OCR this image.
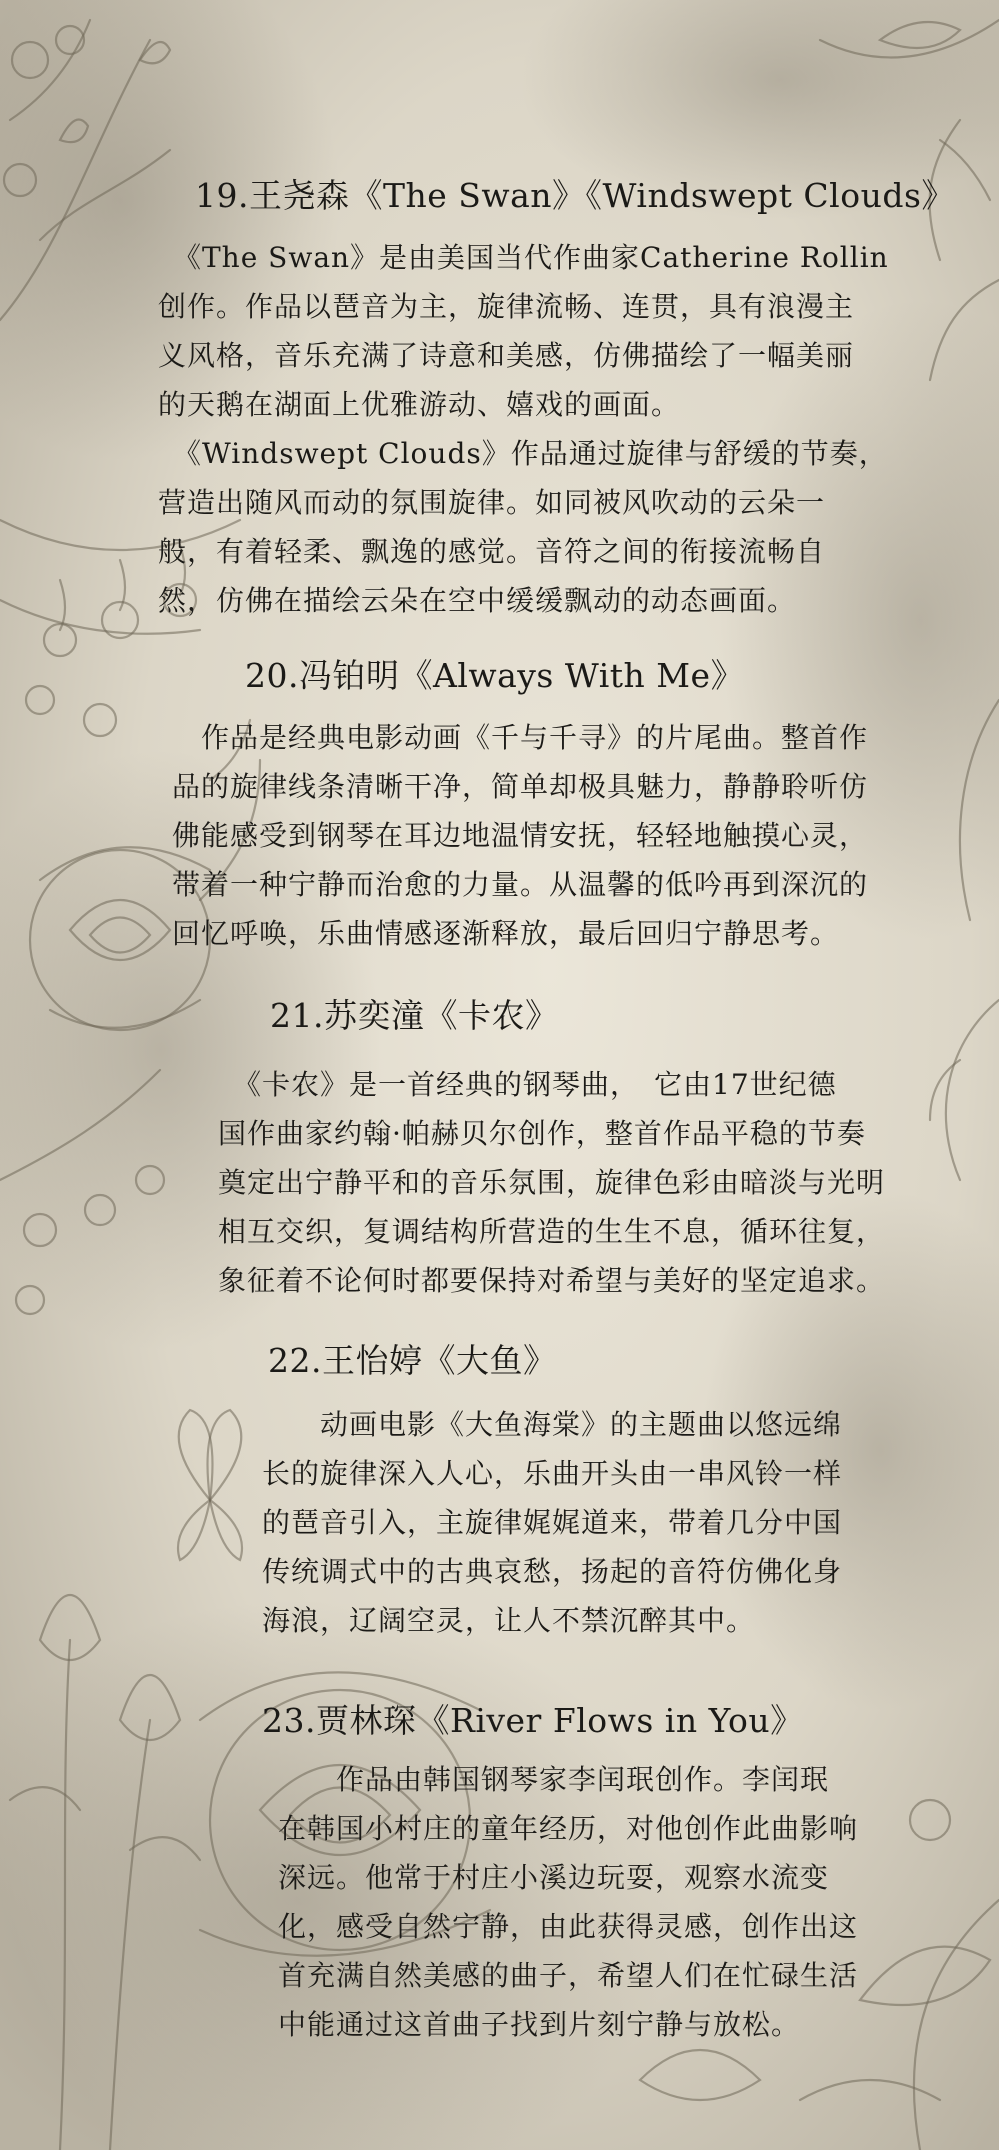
19.王尧森《The Swan》《Windswept Clouds》
　《The Swan》是由美国当代作曲家Catherine Rollin
创作。作品以琶音为主，旋律流畅、连贯，具有浪漫主
义风格，音乐充满了诗意和美感，仿佛描绘了一幅美丽
的天鹅在湖面上优雅游动、嬉戏的画面。
　《Windswept Clouds》作品通过旋律与舒缓的节奏，
营造出随风而动的氛围旋律。如同被风吹动的云朵一
般，有着轻柔、飘逸的感觉。音符之间的衔接流畅自
然，仿佛在描绘云朵在空中缓缓飘动的动态画面。
20.冯铂明《Always With Me》
　作品是经典电影动画《千与千寻》的片尾曲。整首作
品的旋律线条清晰干净，简单却极具魅力，静静聆听仿
佛能感受到钢琴在耳边地温情安抚，轻轻地触摸心灵，
带着一种宁静而治愈的力量。从温馨的低吟再到深沉的
回忆呼唤，乐曲情感逐渐释放，最后回归宁静思考。
21.苏奕潼《卡农》
　《卡农》是一首经典的钢琴曲，　它由17世纪德
国作曲家约翰·帕赫贝尔创作，整首作品平稳的节奏
奠定出宁静平和的音乐氛围，旋律色彩由暗淡与光明
相互交织，复调结构所营造的生生不息，循环往复，
象征着不论何时都要保持对希望与美好的坚定追求。
22.王怡婷《大鱼》
　　动画电影《大鱼海棠》的主题曲以悠远绵
长的旋律深入人心，乐曲开头由一串风铃一样
的琶音引入，主旋律娓娓道来，带着几分中国
传统调式中的古典哀愁，扬起的音符仿佛化身
海浪，辽阔空灵，让人不禁沉醉其中。
23.贾林琛《River Flows in You》
　　作品由韩国钢琴家李闰珉创作。李闰珉
在韩国小村庄的童年经历，对他创作此曲影响
深远。他常于村庄小溪边玩耍，观察水流变
化，感受自然宁静，由此获得灵感，创作出这
首充满自然美感的曲子，希望人们在忙碌生活
中能通过这首曲子找到片刻宁静与放松。
